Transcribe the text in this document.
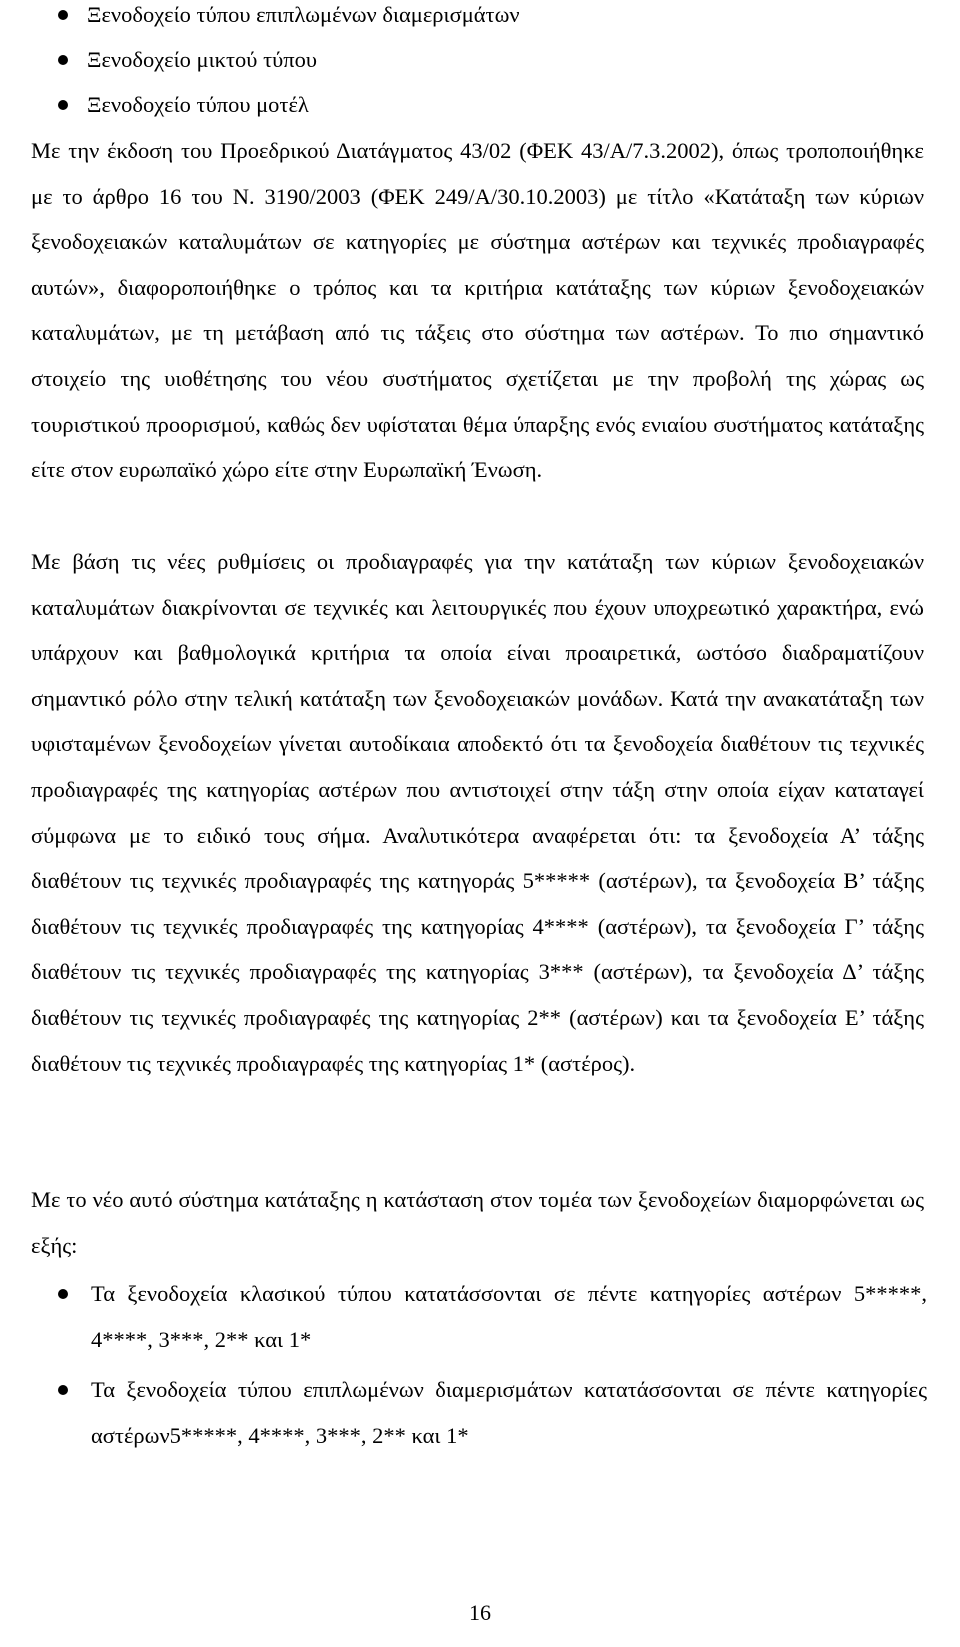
Ξενοδοχείο τύπου επιπλωμένων διαμερισμάτων
Ξενοδοχείο μικτού τύπου
Ξενοδοχείο τύπου μοτέλ

Με την έκδοση του Προεδρικού Διατάγματος 43/02 (ΦΕΚ 43/Α/7.3.2002), όπως τροποποιήθηκε με το άρθρο 16 του Ν. 3190/2003 (ΦΕΚ 249/Α/30.10.2003) με τίτλο «Κατάταξη των κύριων ξενοδοχειακών καταλυμάτων σε κατηγορίες με σύστημα αστέρων και τεχνικές προδιαγραφές αυτών», διαφοροποιήθηκε ο τρόπος και τα κριτήρια κατάταξης των κύριων ξενοδοχειακών καταλυμάτων, με τη μετάβαση από τις τάξεις στο σύστημα των αστέρων. Το πιο σημαντικό στοιχείο της υιοθέτησης του νέου συστήματος σχετίζεται με την προβολή της χώρας ως τουριστικού προορισμού, καθώς δεν υφίσταται θέμα ύπαρξης ενός ενιαίου συστήματος κατάταξης είτε στον ευρωπαϊκό χώρο είτε στην Ευρωπαϊκή Ένωση.

Με βάση τις νέες ρυθμίσεις οι προδιαγραφές για την κατάταξη των κύριων ξενοδοχειακών καταλυμάτων διακρίνονται σε τεχνικές και λειτουργικές που έχουν υποχρεωτικό χαρακτήρα, ενώ υπάρχουν και βαθμολογικά κριτήρια τα οποία είναι προαιρετικά, ωστόσο διαδραματίζουν σημαντικό ρόλο στην τελική κατάταξη των ξενοδοχειακών μονάδων. Κατά την ανακατάταξη των υφισταμένων ξενοδοχείων γίνεται αυτοδίκαια αποδεκτό ότι τα ξενοδοχεία διαθέτουν τις τεχνικές προδιαγραφές της κατηγορίας αστέρων που αντιστοιχεί στην τάξη στην οποία είχαν καταταγεί σύμφωνα με το ειδικό τους σήμα. Αναλυτικότερα αναφέρεται ότι: τα ξενοδοχεία Α’ τάξης διαθέτουν τις τεχνικές προδιαγραφές της κατηγοράς 5***** (αστέρων), τα ξενοδοχεία Β’ τάξης διαθέτουν τις τεχνικές προδιαγραφές της κατηγορίας 4**** (αστέρων), τα ξενοδοχεία Γ’ τάξης διαθέτουν τις τεχνικές προδιαγραφές της κατηγορίας 3*** (αστέρων), τα ξενοδοχεία Δ’ τάξης διαθέτουν τις τεχνικές προδιαγραφές της κατηγορίας 2** (αστέρων) και τα ξενοδοχεία Ε’ τάξης διαθέτουν τις τεχνικές προδιαγραφές της κατηγορίας 1* (αστέρος).

Με το νέο αυτό σύστημα κατάταξης η κατάσταση στον τομέα των ξενοδοχείων διαμορφώνεται ως εξής:

Τα ξενοδοχεία κλασικού τύπου κατατάσσονται σε πέντε κατηγορίες αστέρων 5*****, 4****, 3***, 2** και 1*
Τα ξενοδοχεία τύπου επιπλωμένων διαμερισμάτων κατατάσσονται σε πέντε κατηγορίες αστέρων5*****, 4****, 3***, 2** και 1*
16
